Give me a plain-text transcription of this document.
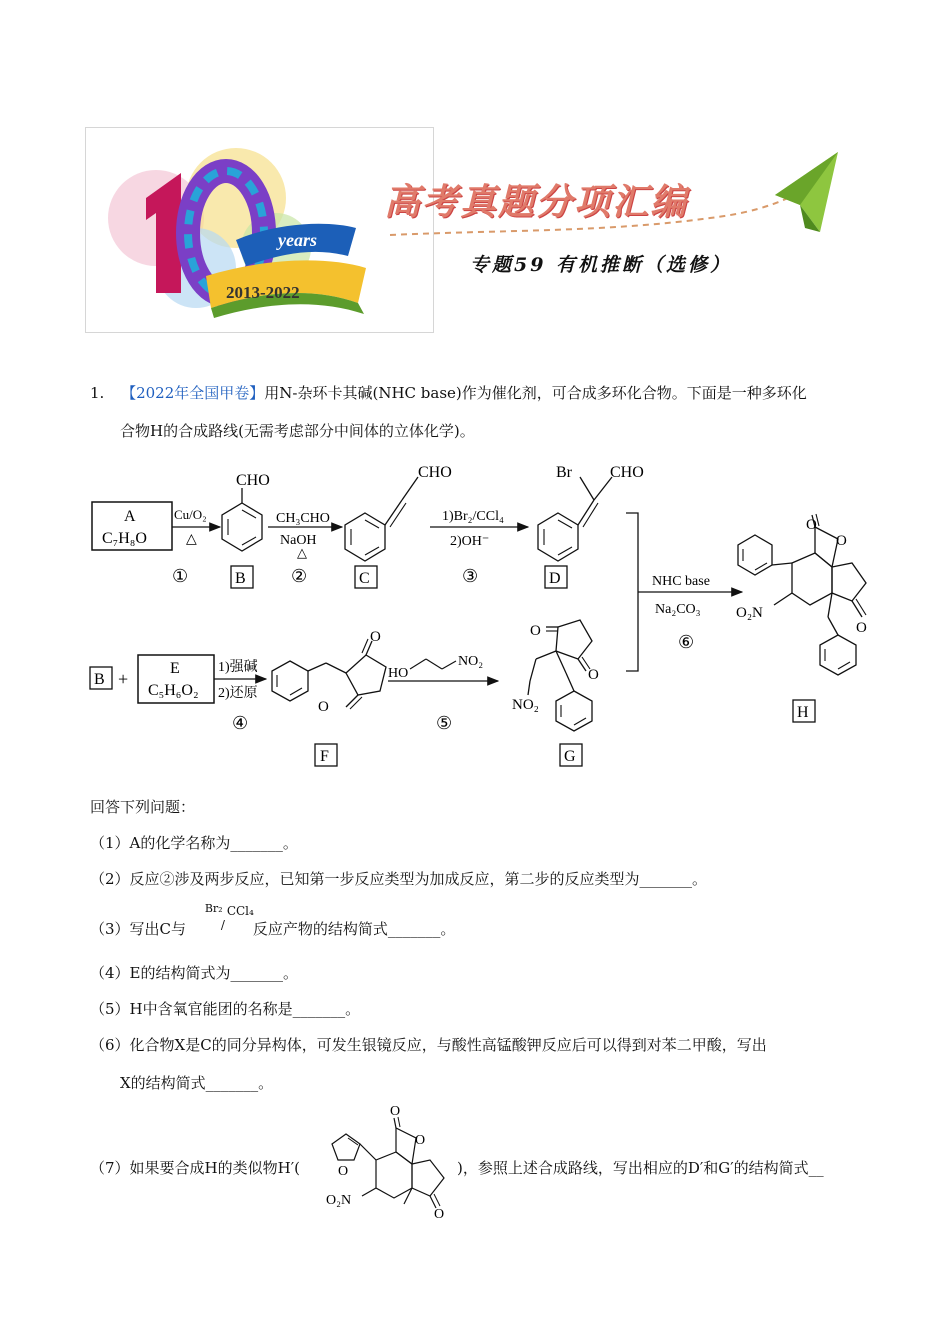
years
2013-2022
高考真题分项汇编
专题59 有机推断（选修）
1. 【2022年全国甲卷】用N-杂环卡其碱(NHC base)作为催化剂，可合成多环化合物。下面是一种多环化
合物H的合成路线(无需考虑部分中间体的立体化学)。
A
C₇H₈O
Cu/O₂
△
①
CHO
B
CH₃CHO
NaOH
△
②
CHO
C
1)Br₂/CCl₄
2)OH⁻
③
Br CHO
D	NHC base
Na₂CO₃
⑥
O
O
O
O₂N
H
B +
E
C₅H₆O₂
1)强碱
2)还原
④
O
O
F
HO
NO₂
⑤
O
O
NO₂
G
回答下列问题：
（1）A的化学名称为_______。
（2）反应②涉及两步反应，已知第一步反应类型为加成反应，第二步的反应类型为_______。
（3）写出C与
Br₂
/
CCl₄
反应产物的结构简式_______。
（4）E的结构简式为_______。
（5）H中含氧官能团的名称是_______。
（6）化合物X是C的同分异构体，可发生银镜反应，与酸性高锰酸钾反应后可以得到对苯二甲酸，写出
X的结构简式_______。
（7）如果要合成H的类似物H′(	O
O
O
O
O₂N
)，参照上述合成路线，写出相应的D′和G′的结构简式__
